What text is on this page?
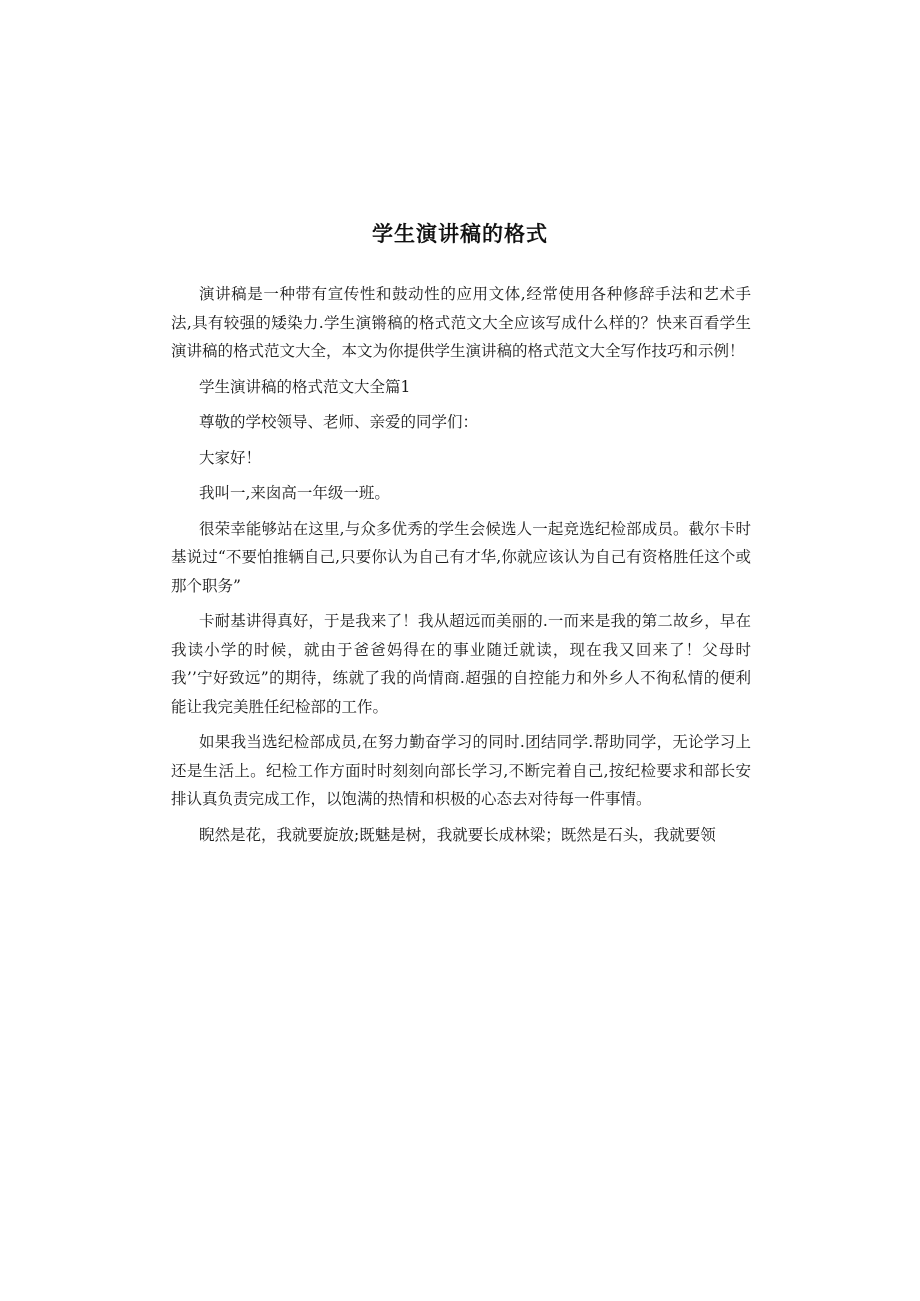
学生演讲稿的格式

演讲稿是一种带有宣传性和鼓动性的应用文体,经常使用各种修辞手法和艺术手法,具有较强的矮染力.学生演锵稿的格式范文大全应该写成什么样的？快来百看学生演讲稿的格式范文大全，本文为你提供学生演讲稿的格式范文大全写作技巧和示例！

学生演讲稿的格式范文大全篇1

尊敬的学校领导、老师、亲爱的同学们：

大家好！

我叫一,来囱高一年级一班。

很荣幸能够站在这里,与众多优秀的学生会候选人一起竞选纪检部成员。截尔卡时基说过“不要怕推辆自己,只要你认为自己有才华,你就应该认为自己有资格胜任这个或那个职务”

卡耐基讲得真好，于是我来了！我从超远而美丽的.一而来是我的第二故乡，早在我读小学的时候，就由于爸爸妈得在的事业随迁就读，现在我又回来了！父母时我’’宁好致远”的期待，练就了我的尚情商.超强的自控能力和外乡人不徇私情的便利能让我完美胜任纪检部的工作。

如果我当选纪检部成员,在努力勤奋学习的同时.团结同学.帮助同学，无论学习上还是生活上。纪检工作方面时时刻刻向部长学习,不断完着自己,按纪检要求和部长安排认真负责完成工作，以饱满的热情和枳极的心态去对待每一件事情。

睨然是花，我就要旋放;既魅是树，我就要长成林梁；既然是石头，我就要领
